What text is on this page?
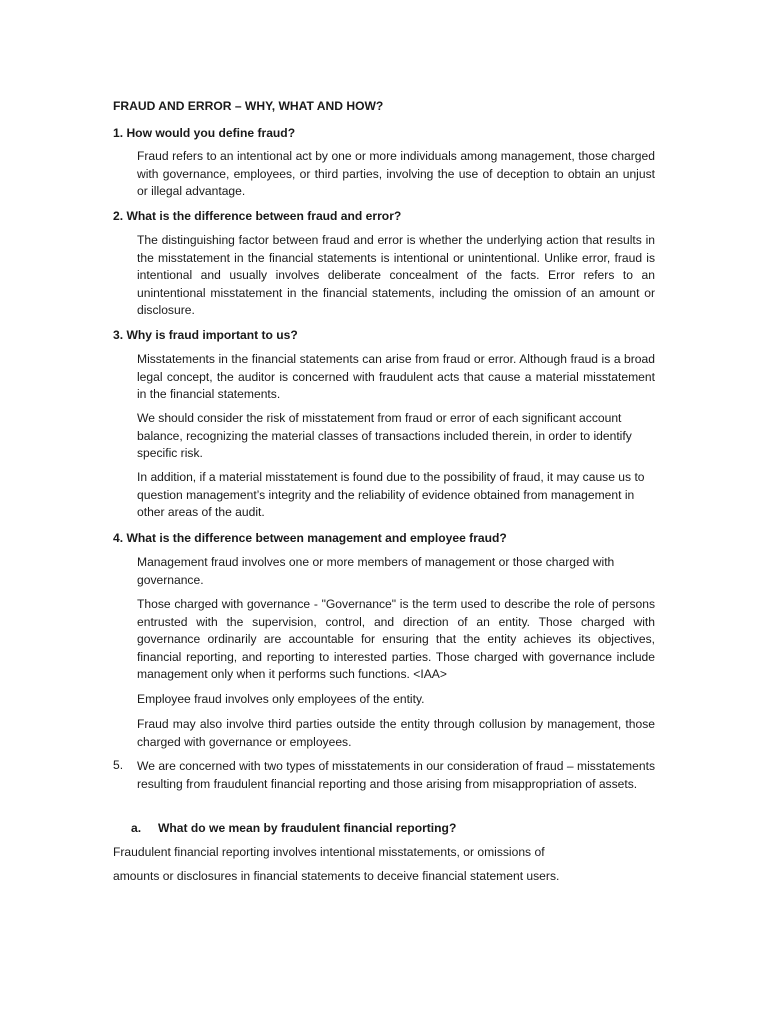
FRAUD AND ERROR – WHY, WHAT AND HOW?

1. How would you define fraud?

Fraud refers to an intentional act by one or more individuals among management, those charged with governance, employees, or third parties, involving the use of deception to obtain an unjust or illegal advantage.

2. What is the difference between fraud and error?

The distinguishing factor between fraud and error is whether the underlying action that results in the misstatement in the financial statements is intentional or unintentional. Unlike error, fraud is intentional and usually involves deliberate concealment of the facts. Error refers to an unintentional misstatement in the financial statements, including the omission of an amount or disclosure.

3. Why is fraud important to us?

Misstatements in the financial statements can arise from fraud or error. Although fraud is a broad legal concept, the auditor is concerned with fraudulent acts that cause a material misstatement in the financial statements.

We should consider the risk of misstatement from fraud or error of each significant account balance, recognizing the material classes of transactions included therein, in order to identify specific risk.

In addition, if a material misstatement is found due to the possibility of fraud, it may cause us to question management’s integrity and the reliability of evidence obtained from management in other areas of the audit.

4. What is the difference between management and employee fraud?

Management fraud involves one or more members of management or those charged with governance.

Those charged with governance - "Governance" is the term used to describe the role of persons entrusted with the supervision, control, and direction of an entity. Those charged with governance ordinarily are accountable for ensuring that the entity achieves its objectives, financial reporting, and reporting to interested parties. Those charged with governance include management only when it performs such functions. <IAA>

Employee fraud involves only employees of the entity.

Fraud may also involve third parties outside the entity through collusion by management, those charged with governance or employees.

5.	We are concerned with two types of misstatements in our consideration of fraud – misstatements resulting from fraudulent financial reporting and those arising from misappropriation of assets.
a.	What do we mean by fraudulent financial reporting?
Fraudulent financial reporting involves intentional misstatements, or omissions of
amounts or disclosures in financial statements to deceive financial statement users.
